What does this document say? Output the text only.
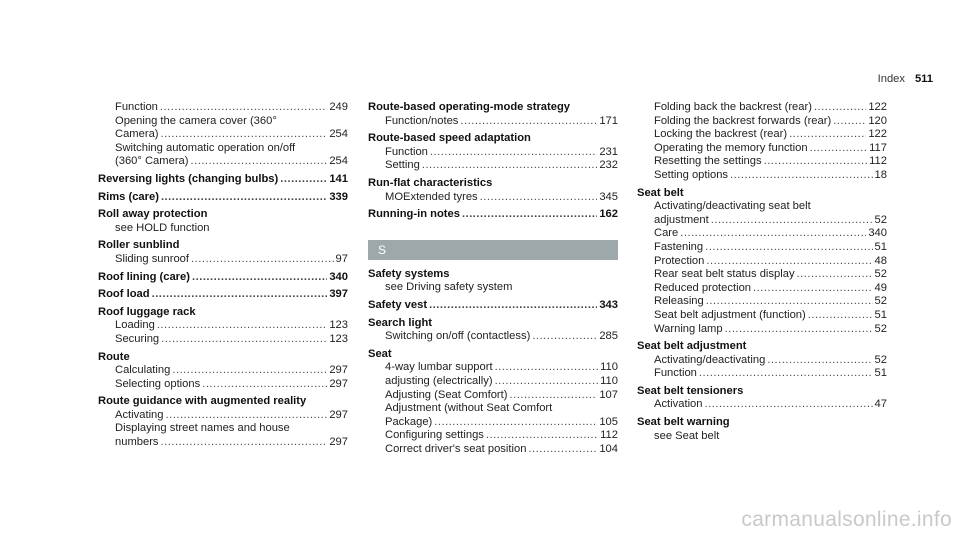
Index 511
Function .....	249
Opening the camera cover (360°
Camera) .....	254
Switching automatic operation on/off
(360° Camera) .....	254
Reversing lights (changing bulbs) .....	141
Rims (care) .....	339
Roll away protection
see HOLD function
Roller sunblind
Sliding sunroof .....	97
Roof lining (care) .....	340
Roof load .....	397
Roof luggage rack
Loading .....	123
Securing .....	123
Route
Calculating .....	297
Selecting options .....	297
Route guidance with augmented reality
Activating .....	297
Displaying street names and house
numbers .....	297
Route-based operating-mode strategy
Function/notes .....	171
Route-based speed adaptation
Function .....	231
Setting .....	232
Run-flat characteristics
MOExtended tyres .....	345
Running-in notes .....	162
S
Safety systems
see Driving safety system
Safety vest .....	343
Search light
Switching on/off (contactless) .....	285
Seat
4-way lumbar support .....	110
adjusting (electrically) .....	110
Adjusting (Seat Comfort) .....	107
Adjustment (without Seat Comfort
Package) .....	105
Configuring settings .....	112
Correct driver's seat position .....	104
Folding back the backrest (rear) .....	122
Folding the backrest forwards (rear) .....	120
Locking the backrest (rear) .....	122
Operating the memory function .....	117
Resetting the settings .....	112
Setting options .....	18
Seat belt
Activating/deactivating seat belt
adjustment .....	52
Care .....	340
Fastening .....	51
Protection .....	48
Rear seat belt status display .....	52
Reduced protection .....	49
Releasing .....	52
Seat belt adjustment (function) .....	51
Warning lamp .....	52
Seat belt adjustment
Activating/deactivating .....	52
Function .....	51
Seat belt tensioners
Activation .....	47
Seat belt warning
see Seat belt
carmanualsonline.info
